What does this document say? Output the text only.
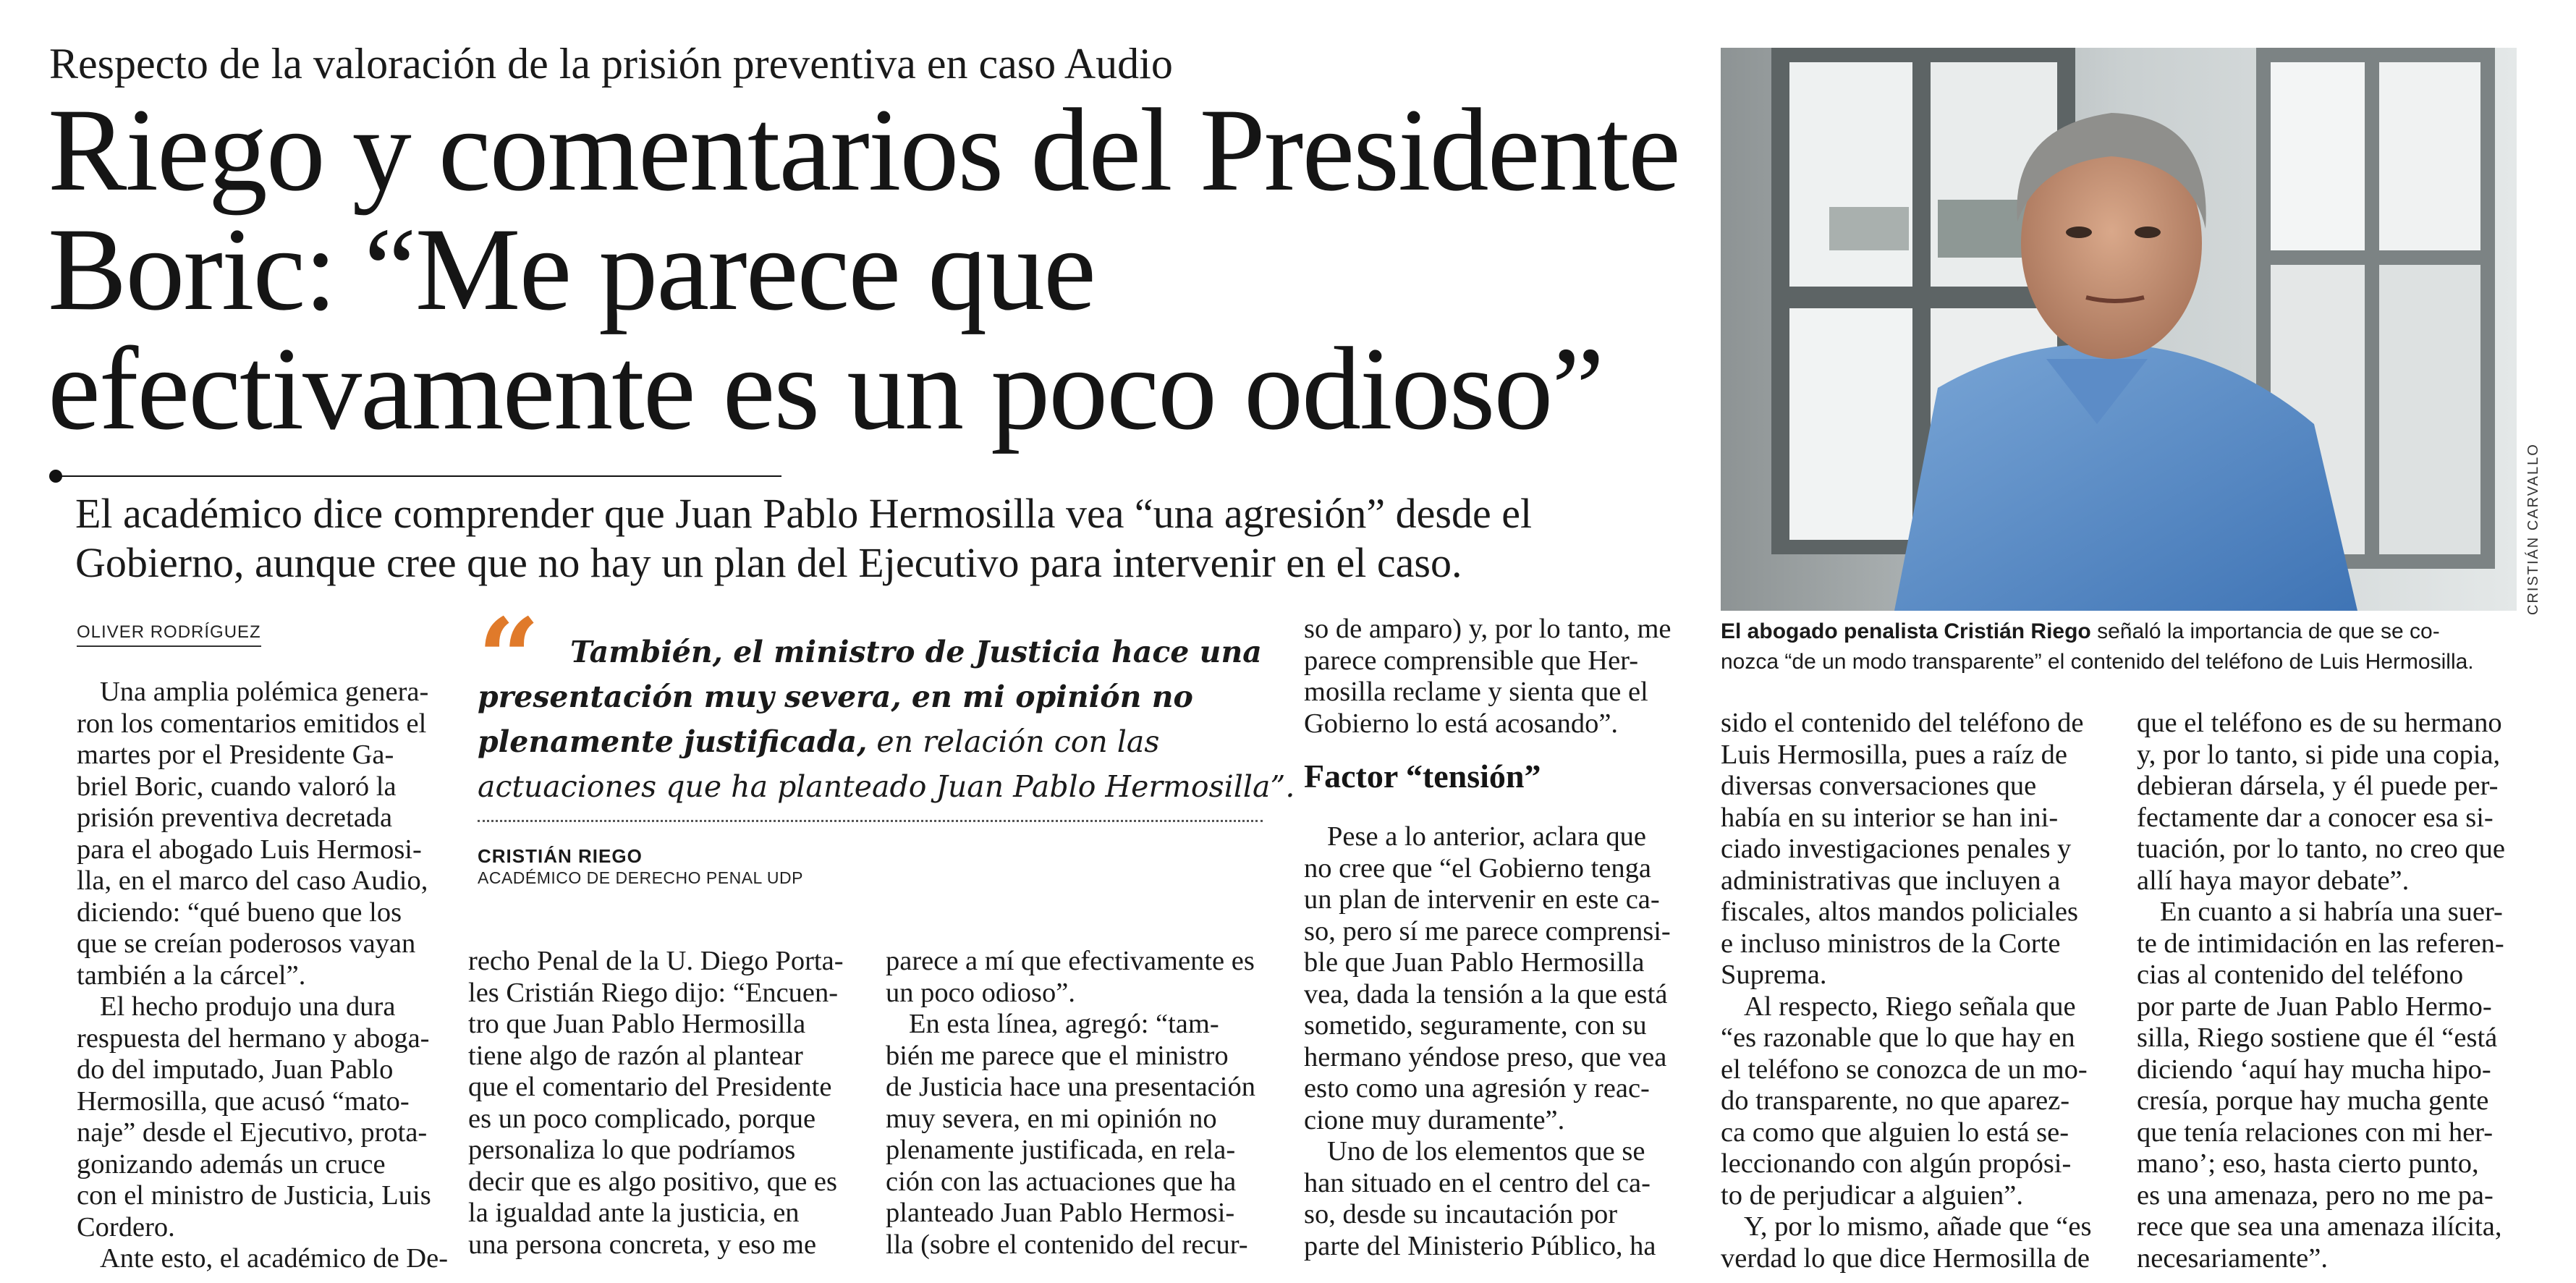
Respecto de la valoración de la prisión preventiva en caso Audio
Riego y comentarios del Presidente
Boric: “Me parece que
efectivamente es un poco odioso”
El académico dice comprender que Juan Pablo Hermosilla vea “una agresión” desde el
Gobierno, aunque cree que no hay un plan del Ejecutivo para intervenir en el caso.
OLIVER RODRÍGUEZ
Una amplia polémica genera-
ron los comentarios emitidos el
martes por el Presidente Ga-
briel Boric, cuando valoró la
prisión preventiva decretada
para el abogado Luis Hermosi-
lla, en el marco del caso Audio,
diciendo: “qué bueno que los
que se creían poderosos vayan
también a la cárcel”.
El hecho produjo una dura
respuesta del hermano y aboga-
do del imputado, Juan Pablo
Hermosilla, que acusó “mato-
naje” desde el Ejecutivo, prota-
gonizando además un cruce
con el ministro de Justicia, Luis
Cordero.
Ante esto, el académico de De-
“	También, el ministro de Justicia hace una
presentación muy severa, en mi opinión no
plenamente justificada, en relación con las
actuaciones que ha planteado Juan Pablo Hermosilla”.
CRISTIÁN RIEGO
ACADÉMICO DE DERECHO PENAL UDP
recho Penal de la U. Diego Porta-
les Cristián Riego dijo: “Encuen-
tro que Juan Pablo Hermosilla
tiene algo de razón al plantear
que el comentario del Presidente
es un poco complicado, porque
personaliza lo que podríamos
decir que es algo positivo, que es
la igualdad ante la justicia, en
una persona concreta, y eso me
parece a mí que efectivamente es
un poco odioso”.
En esta línea, agregó: “tam-
bién me parece que el ministro
de Justicia hace una presentación
muy severa, en mi opinión no
plenamente justificada, en rela-
ción con las actuaciones que ha
planteado Juan Pablo Hermosi-
lla (sobre el contenido del recur-
so de amparo) y, por lo tanto, me
parece comprensible que Her-
mosilla reclame y sienta que el
Gobierno lo está acosando”.
Factor “tensión”
Pese a lo anterior, aclara que
no cree que “el Gobierno tenga
un plan de intervenir en este ca-
so, pero sí me parece comprensi-
ble que Juan Pablo Hermosilla
vea, dada la tensión a la que está
sometido, seguramente, con su
hermano yéndose preso, que vea
esto como una agresión y reac-
cione muy duramente”.
Uno de los elementos que se
han situado en el centro del ca-
so, desde su incautación por
parte del Ministerio Público, ha
sido el contenido del teléfono de
Luis Hermosilla, pues a raíz de
diversas conversaciones que
había en su interior se han ini-
ciado investigaciones penales y
administrativas que incluyen a
fiscales, altos mandos policiales
e incluso ministros de la Corte
Suprema.
Al respecto, Riego señala que
“es razonable que lo que hay en
el teléfono se conozca de un mo-
do transparente, no que aparez-
ca como que alguien lo está se-
leccionando con algún propósi-
to de perjudicar a alguien”.
Y, por lo mismo, añade que “es
verdad lo que dice Hermosilla de
que el teléfono es de su hermano
y, por lo tanto, si pide una copia,
debieran dársela, y él puede per-
fectamente dar a conocer esa si-
tuación, por lo tanto, no creo que
allí haya mayor debate”.
En cuanto a si habría una suer-
te de intimidación en las referen-
cias al contenido del teléfono
por parte de Juan Pablo Hermo-
silla, Riego sostiene que él “está
diciendo ‘aquí hay mucha hipo-
cresía, porque hay mucha gente
que tenía relaciones con mi her-
mano’; eso, hasta cierto punto,
es una amenaza, pero no me pa-
rece que sea una amenaza ilícita,
necesariamente”.
CRISTIÁN CARVALLO
El abogado penalista Cristián Riego señaló la importancia de que se co-
nozca “de un modo transparente” el contenido del teléfono de Luis Hermosilla.
